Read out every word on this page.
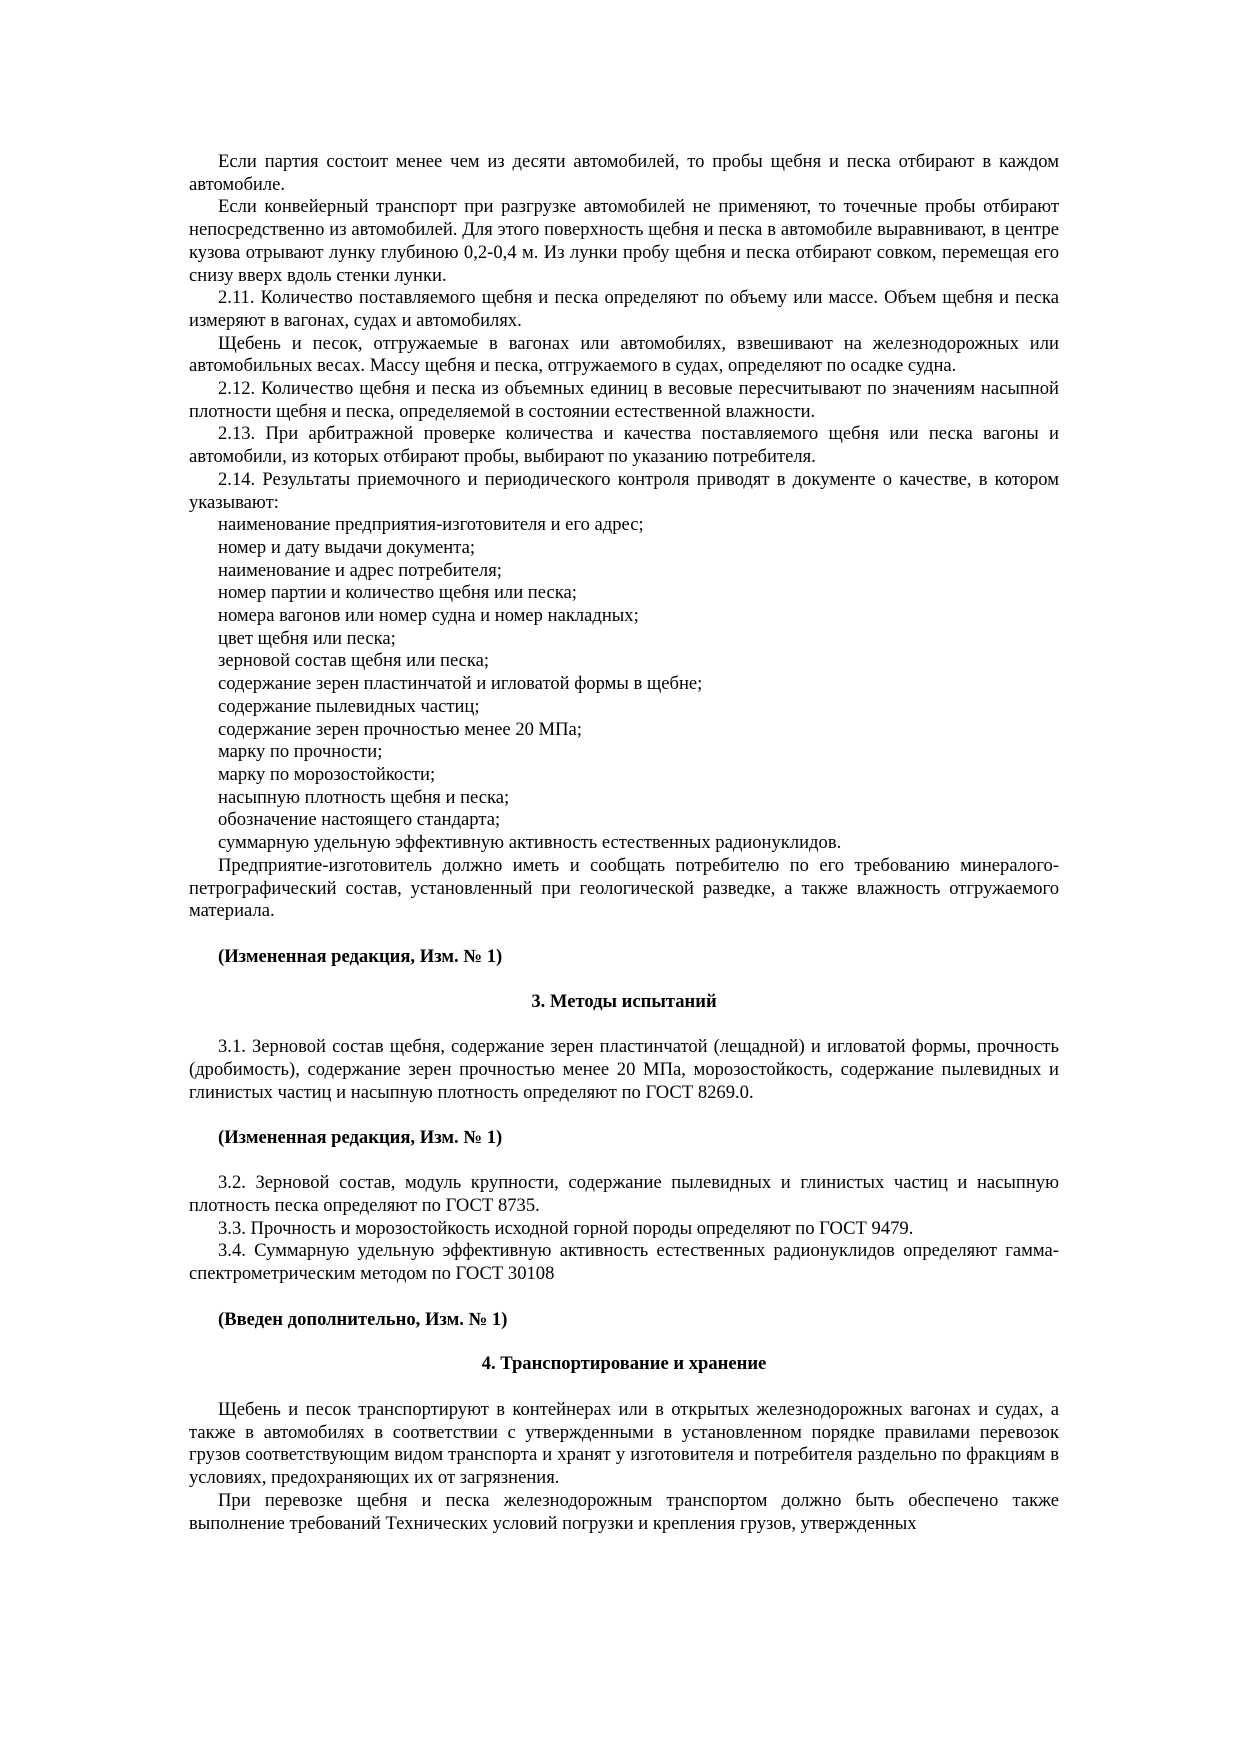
Если партия состоит менее чем из десяти автомобилей, то пробы щебня и песка отбирают в каждом автомобиле.

Если конвейерный транспорт при разгрузке автомобилей не применяют, то точечные пробы отбирают непосредственно из автомобилей. Для этого поверхность щебня и песка в автомобиле выравнивают, в центре кузова отрывают лунку глубиною 0,2-0,4 м. Из лунки пробу щебня и песка отбирают совком, перемещая его снизу вверх вдоль стенки лунки.

2.11. Количество поставляемого щебня и песка определяют по объему или массе. Объем щебня и песка измеряют в вагонах, судах и автомобилях.

Щебень и песок, отгружаемые в вагонах или автомобилях, взвешивают на железнодорожных или автомобильных весах. Массу щебня и песка, отгружаемого в судах, определяют по осадке судна.

2.12. Количество щебня и песка из объемных единиц в весовые пересчитывают по значениям насыпной плотности щебня и песка, определяемой в состоянии естественной влажности.

2.13. При арбитражной проверке количества и качества поставляемого щебня или песка вагоны и автомобили, из которых отбирают пробы, выбирают по указанию потребителя.

2.14. Результаты приемочного и периодического контроля приводят в документе о качестве, в котором указывают:

наименование предприятия-изготовителя и его адрес;

номер и дату выдачи документа;

наименование и адрес потребителя;

номер партии и количество щебня или песка;

номера вагонов или номер судна и номер накладных;

цвет щебня или песка;

зерновой состав щебня или песка;

содержание зерен пластинчатой и игловатой формы в щебне;

содержание пылевидных частиц;

содержание зерен прочностью менее 20 МПа;

марку по прочности;

марку по морозостойкости;

насыпную плотность щебня и песка;

обозначение настоящего стандарта;

суммарную удельную эффективную активность естественных радионуклидов.

Предприятие-изготовитель должно иметь и сообщать потребителю по его требованию минералого-петрографический состав, установленный при геологической разведке, а также влажность отгружаемого материала.

(Измененная редакция, Изм. № 1)

3. Методы испытаний

3.1. Зерновой состав щебня, содержание зерен пластинчатой (лещадной) и игловатой формы, прочность (дробимость), содержание зерен прочностью менее 20 МПа, морозостойкость, содержание пылевидных и глинистых частиц и насыпную плотность определяют по ГОСТ 8269.0.

(Измененная редакция, Изм. № 1)

3.2. Зерновой состав, модуль крупности, содержание пылевидных и глинистых частиц и насыпную плотность песка определяют по ГОСТ 8735.

3.3. Прочность и морозостойкость исходной горной породы определяют по ГОСТ 9479.

3.4. Суммарную удельную эффективную активность естественных радионуклидов определяют гамма-спектрометрическим методом по ГОСТ 30108

(Введен дополнительно, Изм. № 1)

4. Транспортирование и хранение

Щебень и песок транспортируют в контейнерах или в открытых железнодорожных вагонах и судах, а также в автомобилях в соответствии с утвержденными в установленном порядке правилами перевозок грузов соответствующим видом транспорта и хранят у изготовителя и потребителя раздельно по фракциям в условиях, предохраняющих их от загрязнения.

При перевозке щебня и песка железнодорожным транспортом должно быть обеспечено также выполнение требований Технических условий погрузки и крепления грузов, утвержденных
